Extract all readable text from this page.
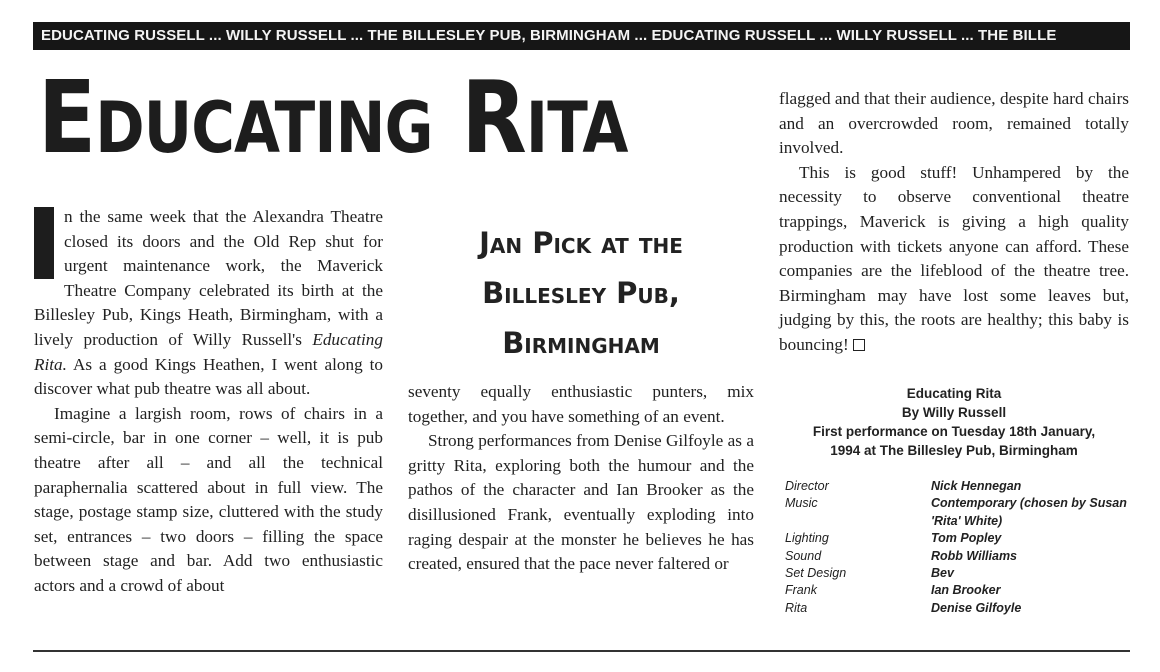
EDUCATING RUSSELL ... WILLY RUSSELL ... THE BILLESLEY PUB, BIRMINGHAM ... EDUCATING RUSSELL ... WILLY RUSSELL ... THE BILLE
Educating Rita

n the same week that the Alexandra Theatre closed its doors and the Old Rep shut for urgent maintenance work, the Maverick Theatre Company celebrated its birth at the Billesley Pub, Kings Heath, Birmingham, with a lively production of Willy Russell's Educating Rita. As a good Kings Heathen, I went along to discover what pub theatre was all about.

Imagine a largish room, rows of chairs in a semi-circle, bar in one corner – well, it is pub theatre after all – and all the technical paraphernalia scattered about in full view. The stage, postage stamp size, cluttered with the study set, entrances – two doors – filling the space between stage and bar. Add two enthusiastic actors and a crowd of about

Jan Pick at the
Billesley Pub,
Birmingham

seventy equally enthusiastic punters, mix together, and you have something of an event.

Strong performances from Denise Gilfoyle as a gritty Rita, exploring both the humour and the pathos of the character and Ian Brooker as the disillusioned Frank, eventually exploding into raging despair at the monster he believes he has created, ensured that the pace never faltered or

flagged and that their audience, despite hard chairs and an overcrowded room, remained totally involved.

This is good stuff! Unhampered by the necessity to observe conventional theatre trappings, Maverick is giving a high quality production with tickets anyone can afford. These companies are the lifeblood of the theatre tree. Birmingham may have lost some leaves but, judging by this, the roots are healthy; this baby is bouncing!

Educating Rita
By Willy Russell
First performance on Tuesday 18th January,
1994 at The Billesley Pub, Birmingham
Director	Nick Hennegan
Music	Contemporary (chosen by Susan 'Rita' White)
Lighting	Tom Popley
Sound	Robb Williams
Set Design	Bev
Frank	Ian Brooker
Rita	Denise Gilfoyle
